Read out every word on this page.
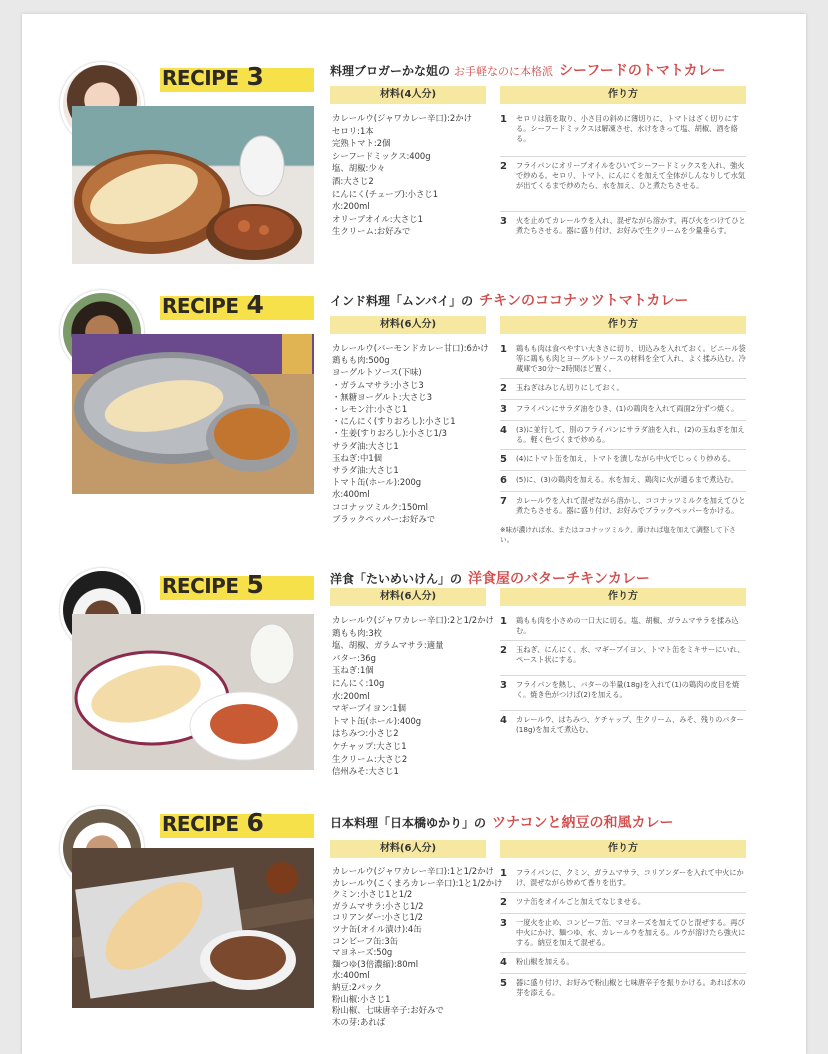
RECIPE 3	料理ブロガーかな姐の お手軽なのに本格派 シーフードのトマトカレー
材料(4人分)	作り方
カレールウ(ジャワカレー辛口):2かけ
セロリ:1本
完熟トマト:2個
シーフードミックス:400g
塩、胡椒:少々
酒:大さじ2
にんにく(チューブ):小さじ1
水:200ml
オリーブオイル:大さじ1
生クリーム:お好みで
1	セロリは筋を取り、小さ目の斜めに薄切りに、トマトはざく切りにする。シーフードミックスは解凍させ、水けをきって塩、胡椒、酒を絡る。
2	フライパンにオリーブオイルをひいてシーフードミックスを入れ、強火で炒める。セロリ、トマト、にんにくを加えて全体がしんなりして水気が出てくるまで炒めたら、水を加え、ひと煮たちさせる。
3	火を止めてカレールウを入れ、混ぜながら溶かす。再び火をつけてひと煮たちさせる。器に盛り付け、お好みで生クリームを少量垂らす。
RECIPE 4	インド料理「ムンバイ」の チキンのココナッツトマトカレー
材料(6人分)	作り方
カレールウ(バーモンドカレー甘口):6かけ
鶏もも肉:500g
ヨーグルトソース(下味)
・ガラムマサラ:小さじ3
・無糖ヨーグルト:大さじ3
・レモン汁:小さじ1
・にんにく(すりおろし):小さじ1
・生姜(すりおろし):小さじ1/3
サラダ油:大さじ1
玉ねぎ:中1個
サラダ油:大さじ1
トマト缶(ホール):200g
水:400ml
ココナッツミルク:150ml
ブラックペッパー:お好みで
1	鶏もも肉は食べやすい大きさに切り、切込みを入れておく。ビニール袋等に鶏もも肉とヨーグルトソースの材料を全て入れ、よく揉み込む。冷蔵庫で30分〜2時間ほど置く。
2	玉ねぎはみじん切りにしておく。
3	フライパンにサラダ油をひき、(1)の鶏肉を入れて両面2分ずつ焼く。
4	(3)に並行して、別のフライパンにサラダ油を入れ、(2)の玉ねぎを加える。軽く色づくまで炒める。
5	(4)にトマト缶を加え、トマトを潰しながら中火でじっくり炒める。
6	(5)に、(3)の鶏肉を加える。水を加え、鶏肉に火が通るまで煮込む。
7	カレールウを入れて混ぜながら溶かし、ココナッツミルクを加えてひと煮たちさせる。器に盛り付け、お好みでブラックペッパーをかける。
※味が濃ければ水、またはココナッツミルク、薄ければ塩を加えて調整して下さい。
RECIPE 5	洋食「たいめいけん」の 洋食屋のバターチキンカレー
材料(6人分)	作り方
カレールウ(ジャワカレー辛口):2と1/2かけ
鶏もも肉:3枚
塩、胡椒、ガラムマサラ:適量
バター:36g
玉ねぎ:1個
にんにく:10g
水:200ml
マギーブイヨン:1個
トマト缶(ホール):400g
はちみつ:小さじ2
ケチャップ:大さじ1
生クリーム:大さじ2
信州みそ:大さじ1
1	鶏もも肉を小さめの一口大に切る。塩、胡椒、ガラムマサラを揉み込む。
2	玉ねぎ、にんにく、水、マギーブイヨン、トマト缶をミキサーにいれ、ペースト状にする。
3	フライパンを熱し、バターの半量(18g)を入れて(1)の鶏肉の皮目を焼く。焼き色がつけば(2)を加える。
4	カレールウ、はちみつ、ケチャップ、生クリーム、みそ、残りのバター(18g)を加えて煮込む。
RECIPE 6	日本料理「日本橋ゆかり」の ツナコンと納豆の和風カレー
材料(6人分)	作り方
カレールウ(ジャワカレー辛口):1と1/2かけ
カレールウ(こくまろカレー辛口):1と1/2かけ
クミン:小さじ1と1/2
ガラムマサラ:小さじ1/2
コリアンダー:小さじ1/2
ツナ缶(オイル漬け):4缶
コンビーフ缶:3缶
マヨネーズ:50g
麺つゆ(3倍濃縮):80ml
水:400ml
納豆:2パック
粉山椒:小さじ1
粉山椒、七味唐辛子:お好みで
木の芽:あれば
1	フライパンに、クミン、ガラムマサラ、コリアンダーを入れて中火にかけ、混ぜながら炒めて香りを出す。
2	ツナ缶をオイルごと加えてなじませる。
3	一度火を止め、コンビーフ缶、マヨネーズを加えてひと混ぜする。再び中火にかけ、麺つゆ、水、カレールウを加える。ルウが溶けたら強火にする。納豆を加えて混ぜる。
4	粉山椒を加える。
5	器に盛り付け、お好みで粉山椒と七味唐辛子を振りかける。あれば木の芽を添える。
